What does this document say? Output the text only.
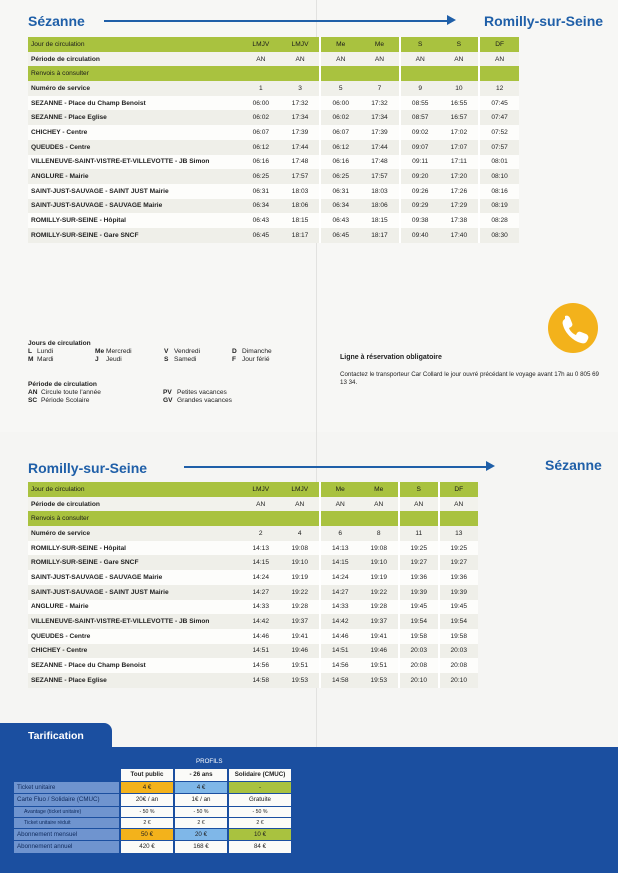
Sézanne	Romilly-sur-Seine
Jour de circulation	LMJV	LMJV	Me	Me	S	S	DF
Période de circulation	AN	AN	AN	AN	AN	AN	AN
Renvois à consulter							
Numéro de service	1	3	5	7	9	10	12
SEZANNE - Place du Champ Benoist	06:00	17:32	06:00	17:32	08:55	16:55	07:45
SEZANNE - Place Eglise	06:02	17:34	06:02	17:34	08:57	16:57	07:47
CHICHEY - Centre	06:07	17:39	06:07	17:39	09:02	17:02	07:52
QUEUDES - Centre	06:12	17:44	06:12	17:44	09:07	17:07	07:57
VILLENEUVE-SAINT-VISTRE-ET-VILLEVOTTE - JB Simon	06:16	17:48	06:16	17:48	09:11	17:11	08:01
ANGLURE - Mairie	06:25	17:57	06:25	17:57	09:20	17:20	08:10
SAINT-JUST-SAUVAGE - SAINT JUST Mairie	06:31	18:03	06:31	18:03	09:26	17:26	08:16
SAINT-JUST-SAUVAGE - SAUVAGE Mairie	06:34	18:06	06:34	18:06	09:29	17:29	08:19
ROMILLY-SUR-SEINE - Hôpital	06:43	18:15	06:43	18:15	09:38	17:38	08:28
ROMILLY-SUR-SEINE - Gare SNCF	06:45	18:17	06:45	18:17	09:40	17:40	08:30
Jours de circulation
L Lundi	Me Mercredi	V Vendredi	D Dimanche
M Mardi	J	Jeudi	S Samedi	F Jour férié
Période de circulation
AN Circule toute l'année	PV Petites vacances
SC Période Scolaire	GV Grandes vacances
Ligne à réservation obligatoire
Contactez le transporteur Car Collard le jour ouvré précédant le voyage avant 17h au 0 805 69 13 34.
Romilly-sur-Seine	Sézanne
Jour de circulation	LMJV	LMJV	Me	Me	S	DF
Période de circulation	AN	AN	AN	AN	AN	AN
Renvois à consulter						
Numéro de service	2	4	6	8	11	13
ROMILLY-SUR-SEINE - Hôpital	14:13	19:08	14:13	19:08	19:25	19:25
ROMILLY-SUR-SEINE - Gare SNCF	14:15	19:10	14:15	19:10	19:27	19:27
SAINT-JUST-SAUVAGE - SAUVAGE Mairie	14:24	19:19	14:24	19:19	19:36	19:36
SAINT-JUST-SAUVAGE - SAINT JUST Mairie	14:27	19:22	14:27	19:22	19:39	19:39
ANGLURE - Mairie	14:33	19:28	14:33	19:28	19:45	19:45
VILLENEUVE-SAINT-VISTRE-ET-VILLEVOTTE - JB Simon	14:42	19:37	14:42	19:37	19:54	19:54
QUEUDES - Centre	14:46	19:41	14:46	19:41	19:58	19:58
CHICHEY - Centre	14:51	19:46	14:51	19:46	20:03	20:03
SEZANNE - Place du Champ Benoist	14:56	19:51	14:56	19:51	20:08	20:08
SEZANNE - Place Eglise	14:58	19:53	14:58	19:53	20:10	20:10
Tarification
PROFILS
	Tout public	- 26 ans	Solidaire (CMUC)
Ticket unitaire	4 €	4 €	-
Carte Fluo / Solidaire (CMUC)	20€ / an	1€ / an	Gratuite
Avantage (ticket unitaire)	- 50 %	- 50 %	- 50 %
Ticket unitaire réduit	2 €	2 €	2 €
Abonnement mensuel	50 €	20 €	10 €
Abonnement annuel	420 €	168 €	84 €
